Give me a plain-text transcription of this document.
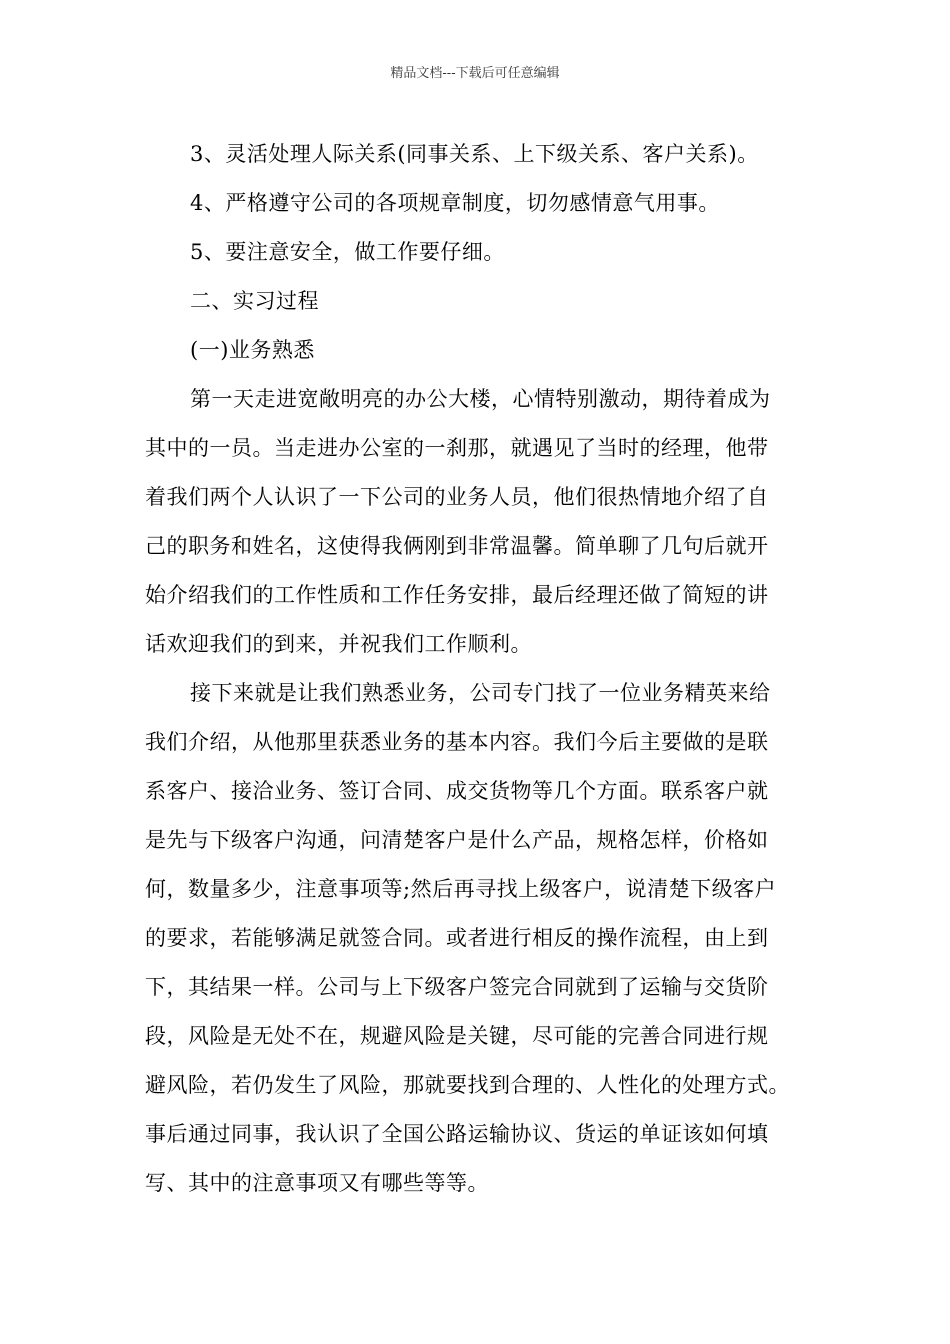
精品文档---下载后可任意编辑
3、灵活处理人际关系(同事关系、上下级关系、客户关系)。
4、严格遵守公司的各项规章制度，切勿感情意气用事。
5、要注意安全，做工作要仔细。
二、实习过程
(一)业务熟悉
第一天走进宽敞明亮的办公大楼，心情特别激动，期待着成为
其中的一员。当走进办公室的一刹那，就遇见了当时的经理，他带
着我们两个人认识了一下公司的业务人员，他们很热情地介绍了自
己的职务和姓名，这使得我俩刚到非常温馨。简单聊了几句后就开
始介绍我们的工作性质和工作任务安排，最后经理还做了简短的讲
话欢迎我们的到来，并祝我们工作顺利。
接下来就是让我们熟悉业务，公司专门找了一位业务精英来给
我们介绍，从他那里获悉业务的基本内容。我们今后主要做的是联
系客户、接洽业务、签订合同、成交货物等几个方面。联系客户就
是先与下级客户沟通，问清楚客户是什么产品，规格怎样，价格如
何，数量多少，注意事项等;然后再寻找上级客户，说清楚下级客户
的要求，若能够满足就签合同。或者进行相反的操作流程，由上到
下，其结果一样。公司与上下级客户签完合同就到了运输与交货阶
段，风险是无处不在，规避风险是关键，尽可能的完善合同进行规
避风险，若仍发生了风险，那就要找到合理的、人性化的处理方式。
事后通过同事，我认识了全国公路运输协议、货运的单证该如何填
写、其中的注意事项又有哪些等等。
